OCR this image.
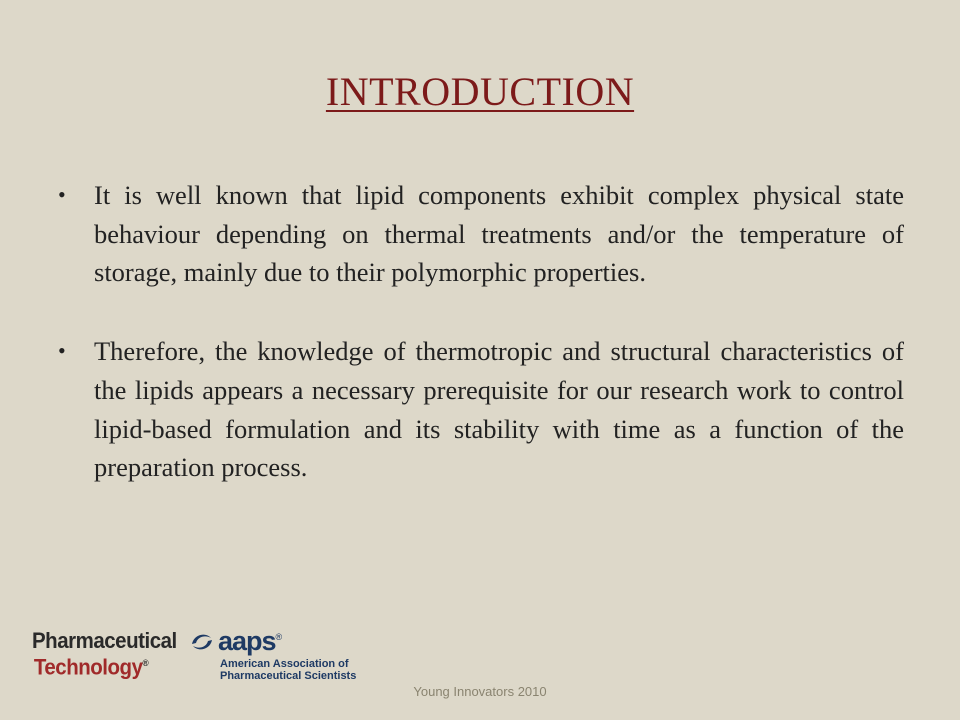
INTRODUCTION
• It is well known that lipid components exhibit complex physical state behaviour depending on thermal treatments and/or the temperature of storage, mainly due to their polymorphic properties.
• Therefore, the knowledge of thermotropic and structural characteristics of the lipids appears a necessary prerequisite for our research work to control lipid-based formulation and its stability with time as a function of the preparation process.
Pharmaceutical
Technology®
aaps®
American Association of
Pharmaceutical Scientists
Young Innovators 2010
